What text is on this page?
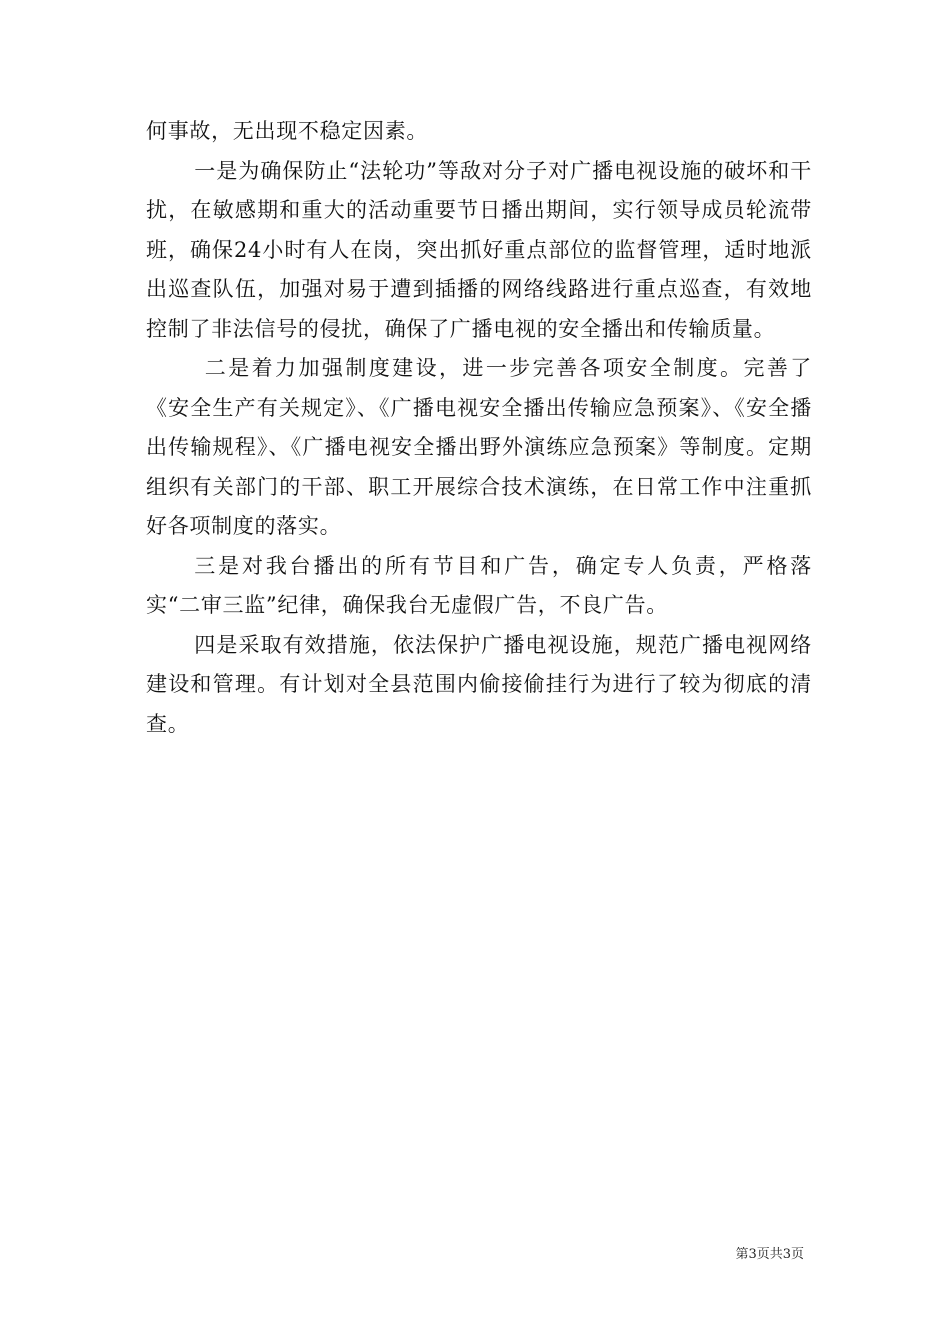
何事故，无出现不稳定因素。

一是为确保防止“法轮功”等敌对分子对广播电视设施的破坏和干扰，在敏感期和重大的活动重要节日播出期间，实行领导成员轮流带班，确保24小时有人在岗，突出抓好重点部位的监督管理，适时地派出巡查队伍，加强对易于遭到插播的网络线路进行重点巡查，有效地控制了非法信号的侵扰，确保了广播电视的安全播出和传输质量。

二是着力加强制度建设，进一步完善各项安全制度。完善了《安全生产有关规定》、《广播电视安全播出传输应急预案》、《安全播出传输规程》、《广播电视安全播出野外演练应急预案》等制度。定期组织有关部门的干部、职工开展综合技术演练，在日常工作中注重抓好各项制度的落实。

三是对我台播出的所有节目和广告，确定专人负责，严格落实“二审三监”纪律，确保我台无虚假广告，不良广告。

四是采取有效措施，依法保护广播电视设施，规范广播电视网络建设和管理。有计划对全县范围内偷接偷挂行为进行了较为彻底的清查。

第3页共3页
